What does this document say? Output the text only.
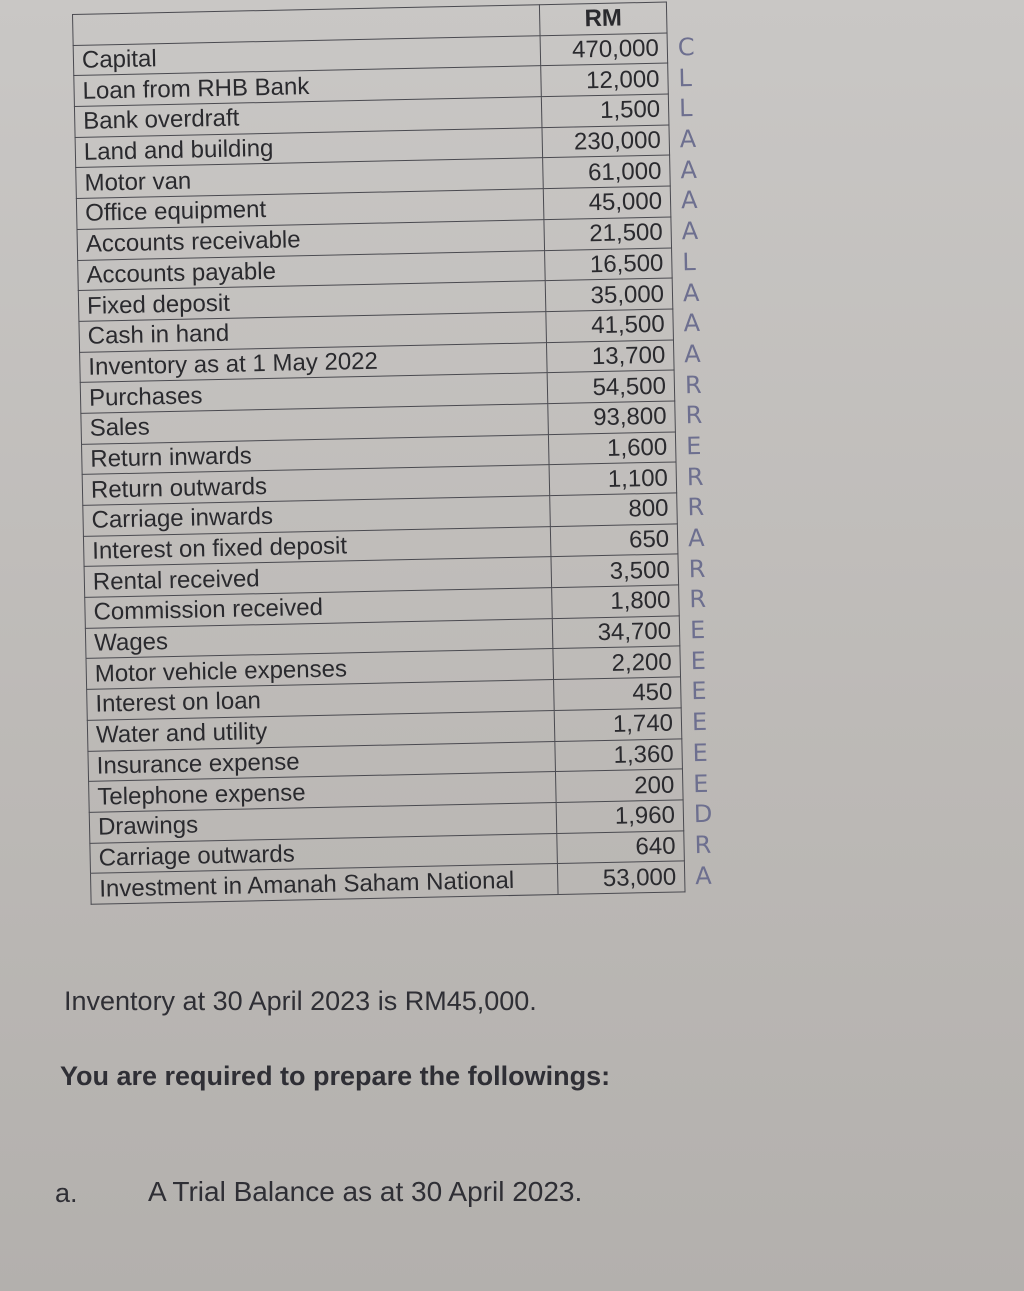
	RM	
Capital	470,000	C
Loan from RHB Bank	12,000	L
Bank overdraft	1,500	L
Land and building	230,000	A
Motor van	61,000	A
Office equipment	45,000	A
Accounts receivable	21,500	A
Accounts payable	16,500	L
Fixed deposit	35,000	A
Cash in hand	41,500	A
Inventory as at 1 May 2022	13,700	A
Purchases	54,500	R
Sales	93,800	R
Return inwards	1,600	E
Return outwards	1,100	R
Carriage inwards	800	R
Interest on fixed deposit	650	A
Rental received	3,500	R
Commission received	1,800	R
Wages	34,700	E
Motor vehicle expenses	2,200	E
Interest on loan	450	E
Water and utility	1,740	E
Insurance expense	1,360	E
Telephone expense	200	E
Drawings	1,960	D
Carriage outwards	640	R
Investment in Amanah Saham National	53,000	A
Inventory at 30 April 2023 is RM45,000.
You are required to prepare the followings:
a.	A Trial Balance as at 30 April 2023.
